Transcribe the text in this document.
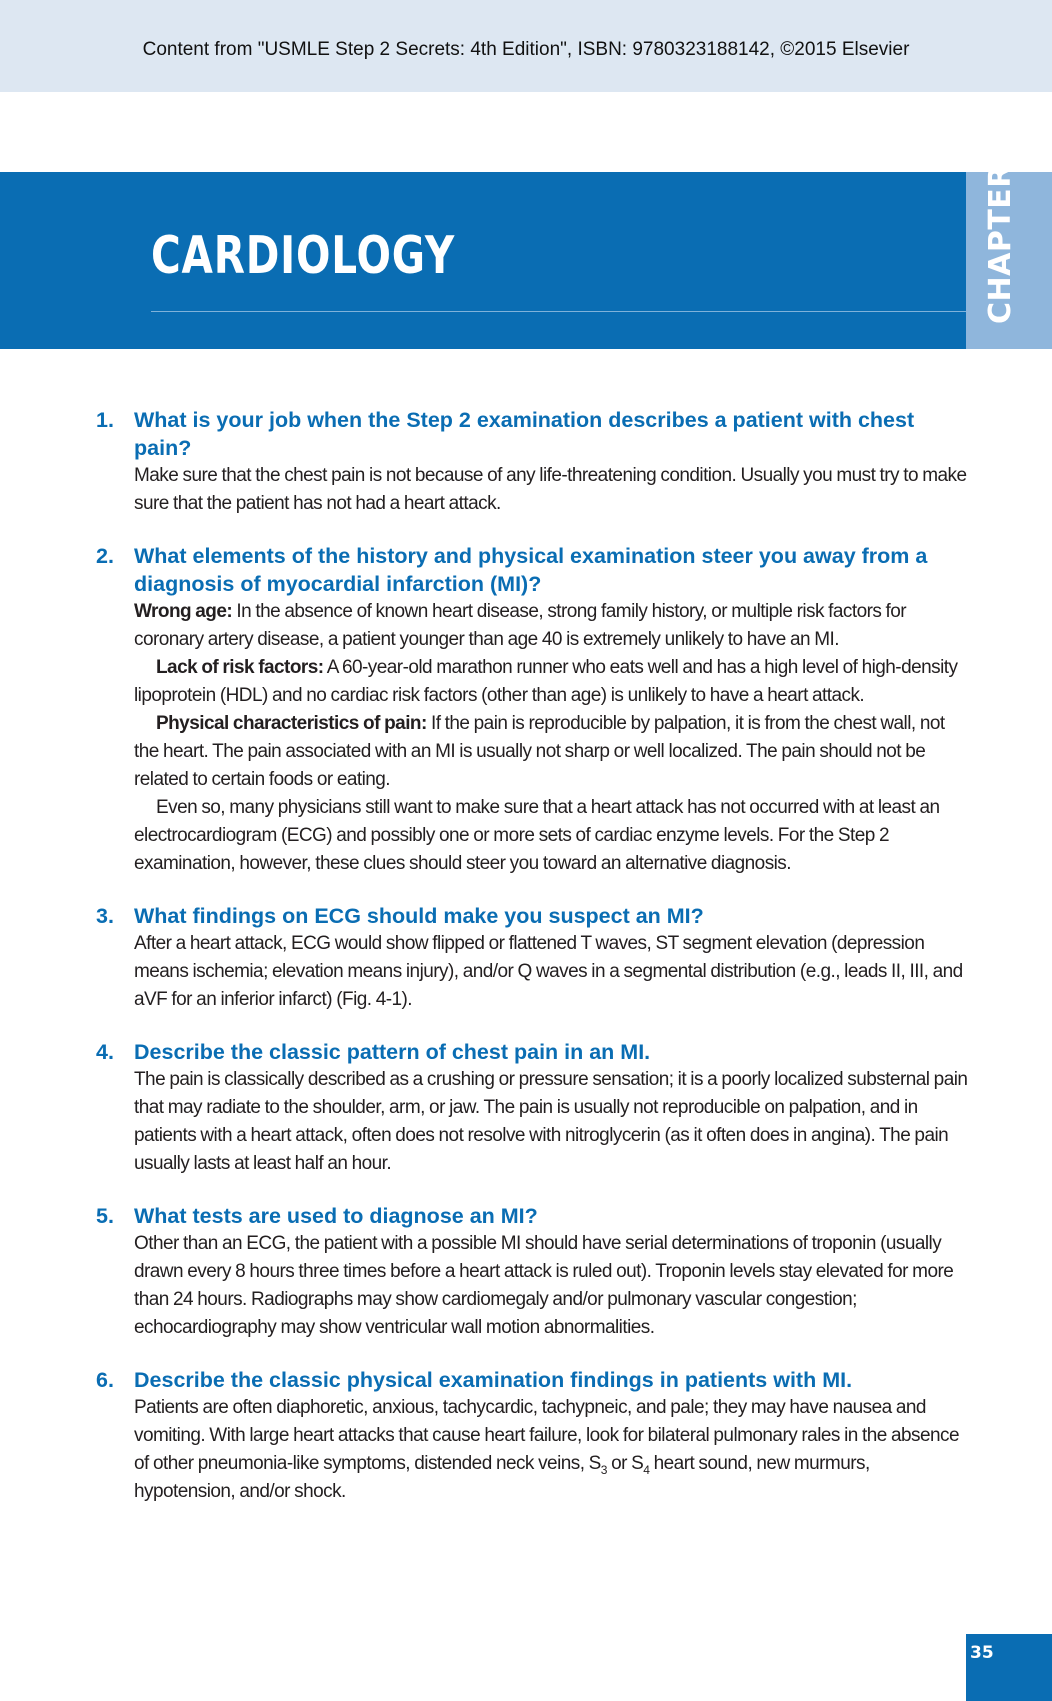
Content from "USMLE Step 2 Secrets: 4th Edition", ISBN: 9780323188142, ©2015 Elsevier
CARDIOLOGY	CHAPTER 4
1. What is your job when the Step 2 examination describes a patient with chest pain?

Make sure that the chest pain is not because of any life-threatening condition. Usually you must try to make sure that the patient has not had a heart attack.

2. What elements of the history and physical examination steer you away from a diagnosis of myocardial infarction (MI)?

Wrong age: In the absence of known heart disease, strong family history, or multiple risk factors for coronary artery disease, a patient younger than age 40 is extremely unlikely to have an MI.

Lack of risk factors: A 60-year-old marathon runner who eats well and has a high level of high-density lipoprotein (HDL) and no cardiac risk factors (other than age) is unlikely to have a heart attack.

Physical characteristics of pain: If the pain is reproducible by palpation, it is from the chest wall, not the heart. The pain associated with an MI is usually not sharp or well localized. The pain should not be related to certain foods or eating.

Even so, many physicians still want to make sure that a heart attack has not occurred with at least an electrocardiogram (ECG) and possibly one or more sets of cardiac enzyme levels. For the Step 2 examination, however, these clues should steer you toward an alternative diagnosis.

3. What findings on ECG should make you suspect an MI?

After a heart attack, ECG would show flipped or flattened T waves, ST segment elevation (depression means ischemia; elevation means injury), and/or Q waves in a segmental distribution (e.g., leads II, III, and aVF for an inferior infarct) (Fig. 4-1).

4. Describe the classic pattern of chest pain in an MI.

The pain is classically described as a crushing or pressure sensation; it is a poorly localized substernal pain that may radiate to the shoulder, arm, or jaw. The pain is usually not reproducible on palpation, and in patients with a heart attack, often does not resolve with nitroglycerin (as it often does in angina). The pain usually lasts at least half an hour.

5. What tests are used to diagnose an MI?

Other than an ECG, the patient with a possible MI should have serial determinations of troponin (usually drawn every 8 hours three times before a heart attack is ruled out). Troponin levels stay elevated for more than 24 hours. Radiographs may show cardiomegaly and/or pulmonary vascular congestion; echocardiography may show ventricular wall motion abnormalities.

6. Describe the classic physical examination findings in patients with MI.

Patients are often diaphoretic, anxious, tachycardic, tachypneic, and pale; they may have nausea and vomiting. With large heart attacks that cause heart failure, look for bilateral pulmonary rales in the absence of other pneumonia-like symptoms, distended neck veins, $S_3$ or $S_4$ heart sound, new murmurs, hypotension, and/or shock.

35
